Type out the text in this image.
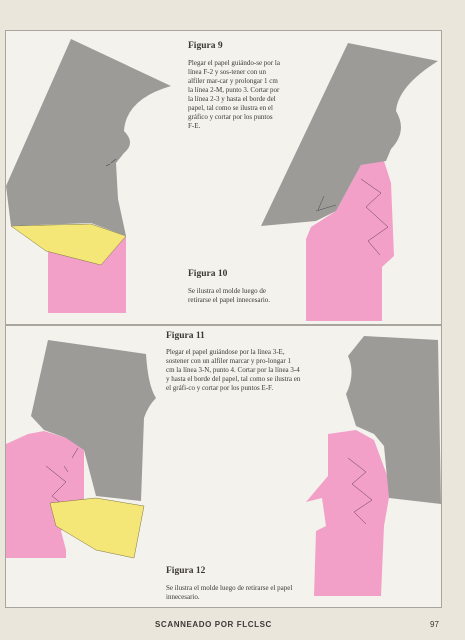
Figura 9

Plegar el papel guiándo-se por la línea F-2 y sos-tener con un alfiler mar-car y prolongar 1 cm la línea 2-M, punto 3. Cortar por la línea 2-3 y hasta el borde del papel, tal como se ilustra en el gráfico y cortar por los puntos F-E.

Figura 10

Se ilustra el molde luego de retirarse el papel innecesario.

Figura 11

Plegar el papel guiándose por la línea 3-E, sostener con un alfiler marcar y pro-longar 1 cm la línea 3-N, punto 4. Cortar por la línea 3-4 y hasta el borde del papel, tal como se ilustra en el gráfi-co y cortar por los puntos E-F.

Figura 12

Se ilustra el molde luego de retirarse el papel innecesario.

SCANNEADO POR FLCLSC	97
